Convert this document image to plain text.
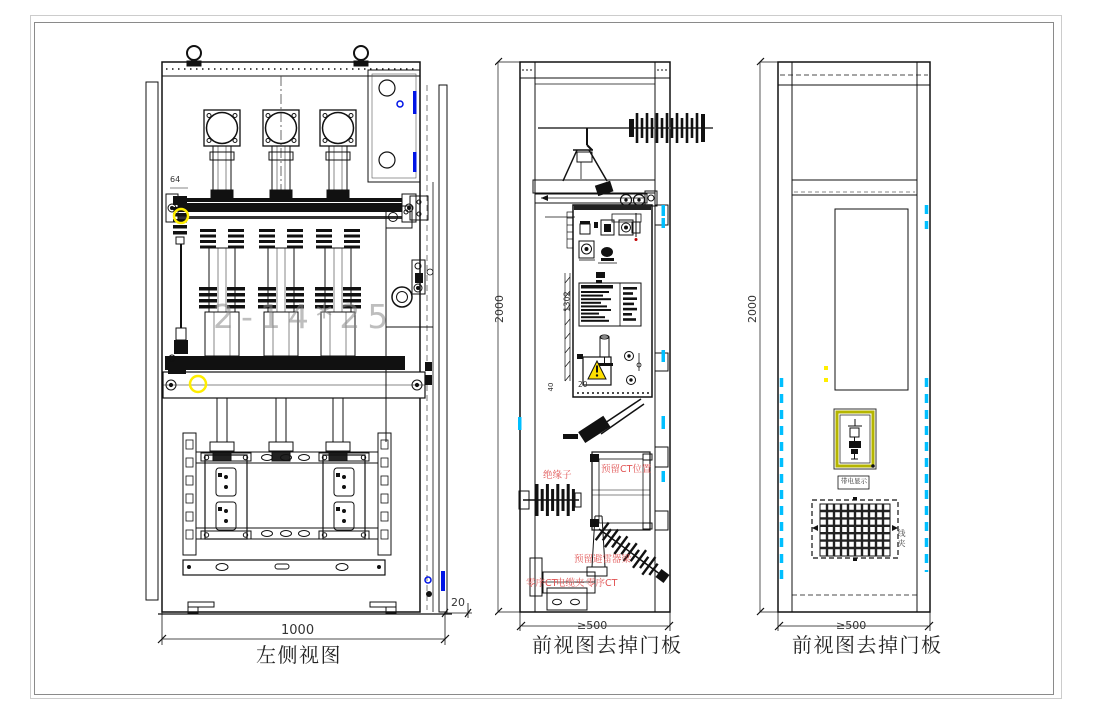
64
2-14*25
1000
20
左侧视图
2000	1302
40	20
绝缘子
预留CT位置
预留避雷器梁
零序CT
电缆夹 零序CT
≥500
前视图去掉门板
2000
带电显示
线夹
≥500
前视图去掉门板
